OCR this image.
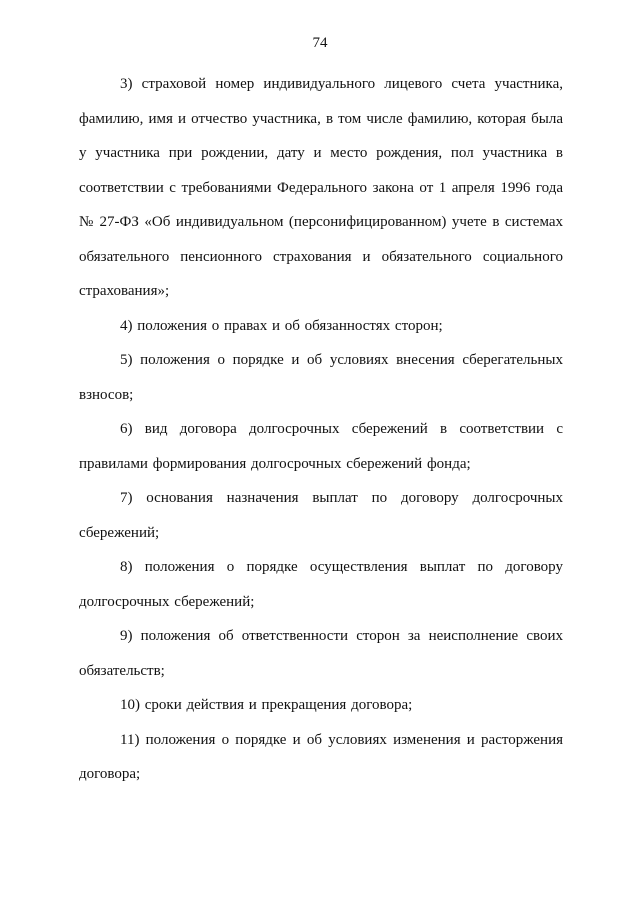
74

3) страховой номер индивидуального лицевого счета участника, фамилию, имя и отчество участника, в том числе фамилию, которая была у участника при рождении, дату и место рождения, пол участника в соответствии с требованиями Федерального закона от 1 апреля 1996 года № 27-ФЗ «Об индивидуальном (персонифицированном) учете в системах обязательного пенсионного страхования и обязательного социального страхования»;

4) положения о правах и об обязанностях сторон;

5) положения о порядке и об условиях внесения сберегательных взносов;

6) вид договора долгосрочных сбережений в соответствии с правилами формирования долгосрочных сбережений фонда;

7) основания назначения выплат по договору долгосрочных сбережений;

8) положения о порядке осуществления выплат по договору долгосрочных сбережений;

9) положения об ответственности сторон за неисполнение своих обязательств;

10) сроки действия и прекращения договора;

11) положения о порядке и об условиях изменения и расторжения договора;
